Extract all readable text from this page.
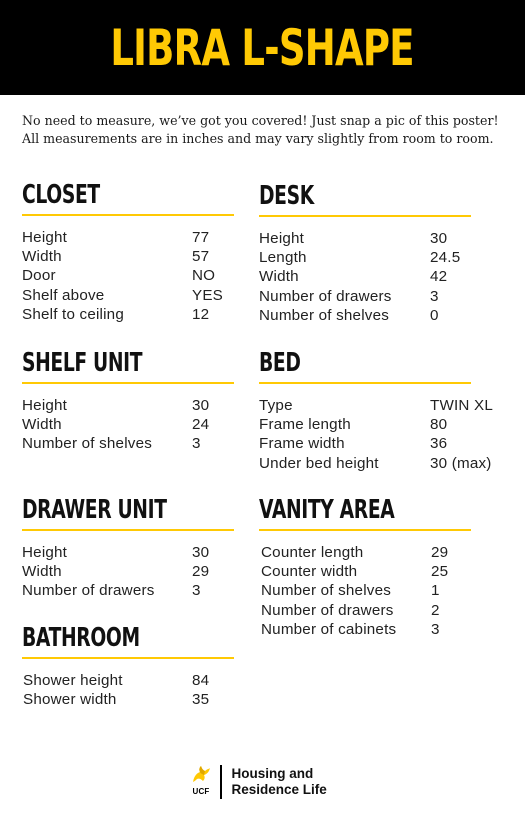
LIBRA L-SHAPE
No need to measure, we’ve got you covered! Just snap a pic of this poster!
All measurements are in inches and may vary slightly from room to room.
CLOSET
Height	77
Width	57
Door	NO
Shelf above	YES
Shelf to ceiling	12
DESK
Height	30
Length	24.5
Width	42
Number of drawers	3
Number of shelves	0
SHELF UNIT
Height	30
Width	24
Number of shelves	3
BED
Type	TWIN XL
Frame length	80
Frame width	36
Under bed height	30 (max)
DRAWER UNIT
Height	30
Width	29
Number of drawers 3
VANITY AREA
Counter length	29
Counter width	25
Number of shelves	1
Number of drawers 2
Number of cabinets 3
BATHROOM
Shower height	84
Shower width	35
UCF
Housing and
Residence Life
